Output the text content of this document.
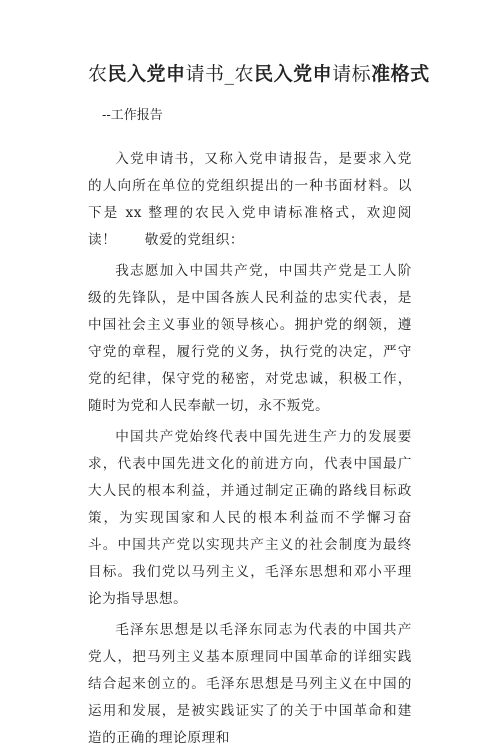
农民入党申请书_农民入党申请标准格式
--工作报告

入党申请书，又称入党申请报告，是要求入党的人向所在单位的党组织提出的一种书面材料。以下是 xx 整理的农民入党申请标准格式，欢迎阅读！　　敬爱的党组织：

我志愿加入中国共产党，中国共产党是工人阶级的先锋队，是中国各族人民利益的忠实代表，是中国社会主义事业的领导核心。拥护党的纲领，遵守党的章程，履行党的义务，执行党的决定，严守党的纪律，保守党的秘密，对党忠诚，积极工作，随时为党和人民奉献一切，永不叛党。

中国共产党始终代表中国先进生产力的发展要求，代表中国先进文化的前进方向，代表中国最广大人民的根本利益，并通过制定正确的路线目标政策，为实现国家和人民的根本利益而不学懈习奋斗。中国共产党以实现共产主义的社会制度为最终目标。我们党以马列主义，毛泽东思想和邓小平理论为指导思想。

毛泽东思想是以毛泽东同志为代表的中国共产党人，把马列主义基本原理同中国革命的详细实践结合起来创立的。毛泽东思想是马列主义在中国的运用和发展，是被实践证实了的关于中国革命和建造的正确的理论原理和
